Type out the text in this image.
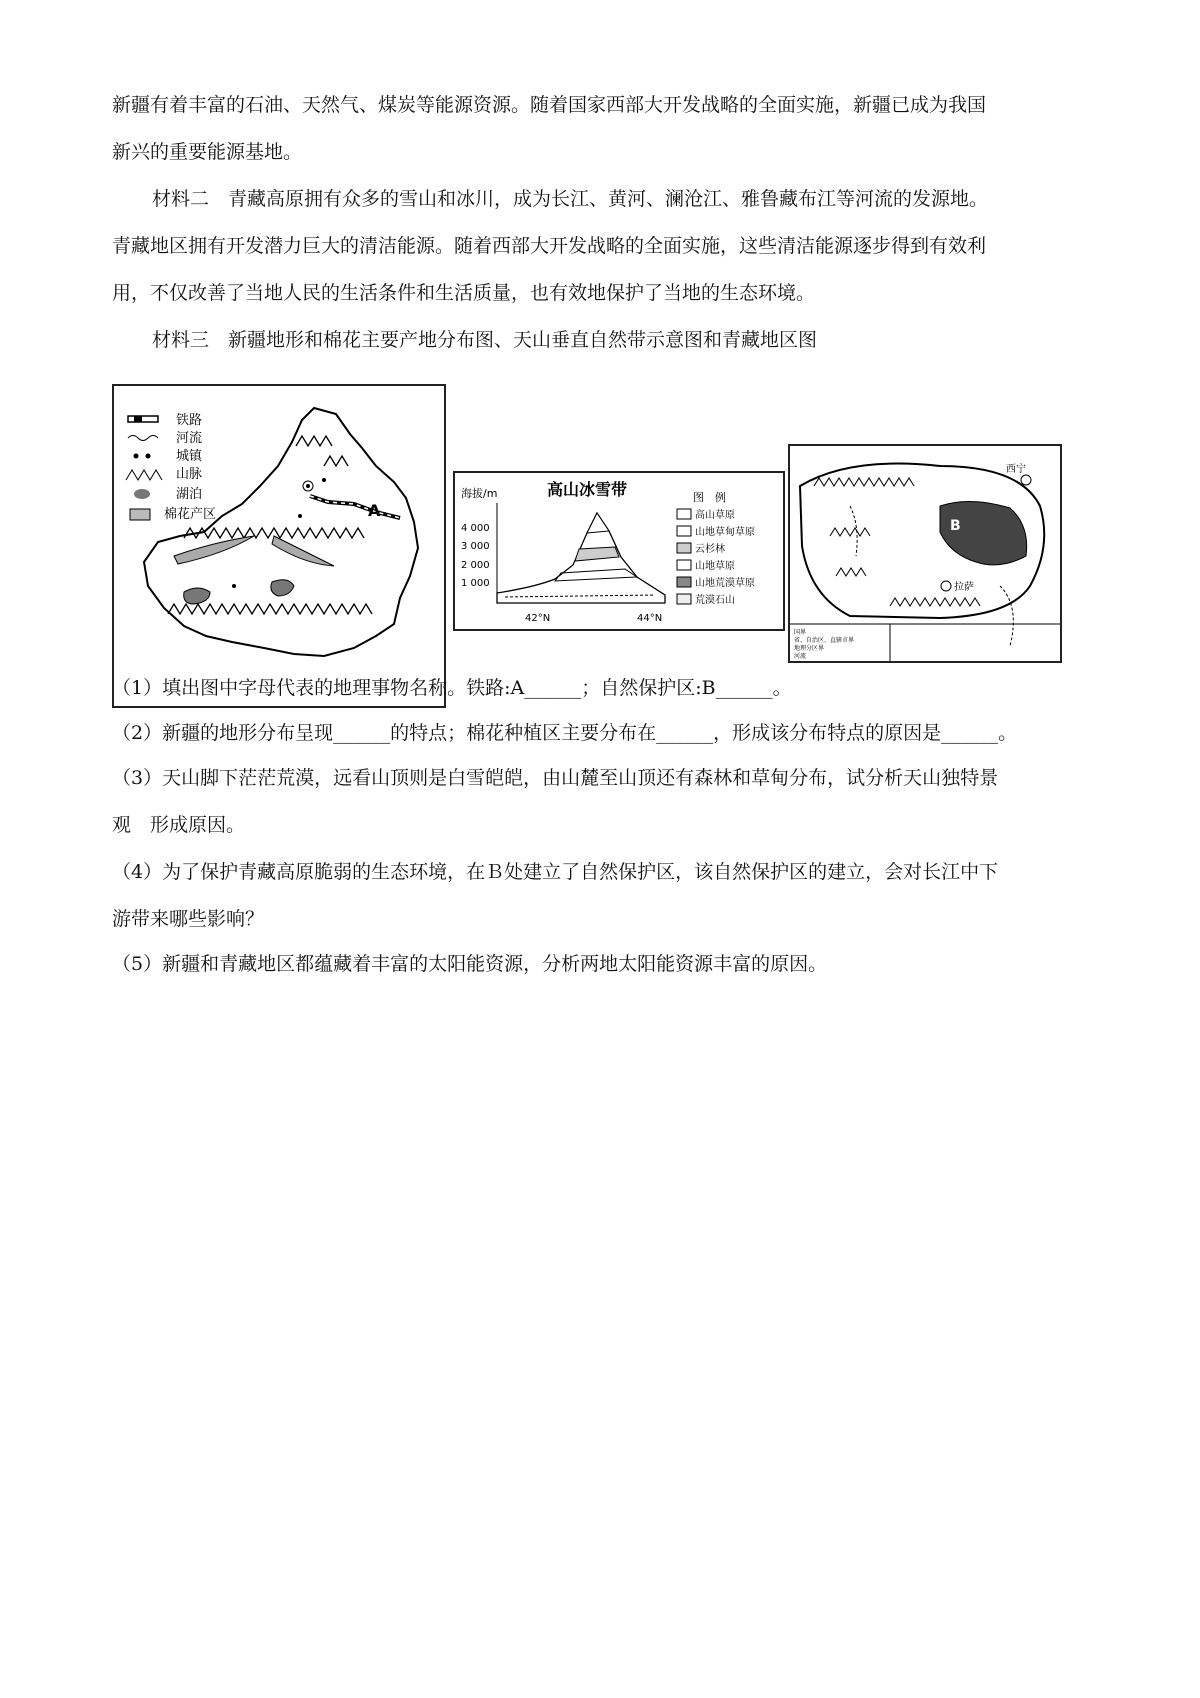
新疆有着丰富的石油、天然气、煤炭等能源资源。随着国家西部大开发战略的全面实施，新疆已成为我国
新兴的重要能源基地。
材料二　青藏高原拥有众多的雪山和冰川，成为长江、黄河、澜沧江、雅鲁藏布江等河流的发源地。
青藏地区拥有开发潜力巨大的清洁能源。随着西部大开发战略的全面实施，这些清洁能源逐步得到有效利
用，不仅改善了当地人民的生活条件和生活质量，也有效地保护了当地的生态环境。
材料三　新疆地形和棉花主要产地分布图、天山垂直自然带示意图和青藏地区图
铁路
河流
城镇
山脉
湖泊
棉花产区	A
高山冰雪带
海拔/m
4 000
3 000
2 000
1 000
42°N	44°N
图　例
高山草原
山地草甸草原
云杉林
山地草原
山地荒漠草原
荒漠石山
B
西宁
拉萨
国界
省、自治区、直辖市界
地理分区界
河流
（1）填出图中字母代表的地理事物名称。铁路:A______；自然保护区:B______。
（2）新疆的地形分布呈现______的特点；棉花种植区主要分布在______，形成该分布特点的原因是______。
（3）天山脚下茫茫荒漠，远看山顶则是白雪皑皑，由山麓至山顶还有森林和草甸分布，试分析天山独特景
观　形成原因。
（4）为了保护青藏高原脆弱的生态环境，在Ｂ处建立了自然保护区，该自然保护区的建立，会对长江中下
游带来哪些影响？
（5）新疆和青藏地区都蕴藏着丰富的太阳能资源，分析两地太阳能资源丰富的原因。
